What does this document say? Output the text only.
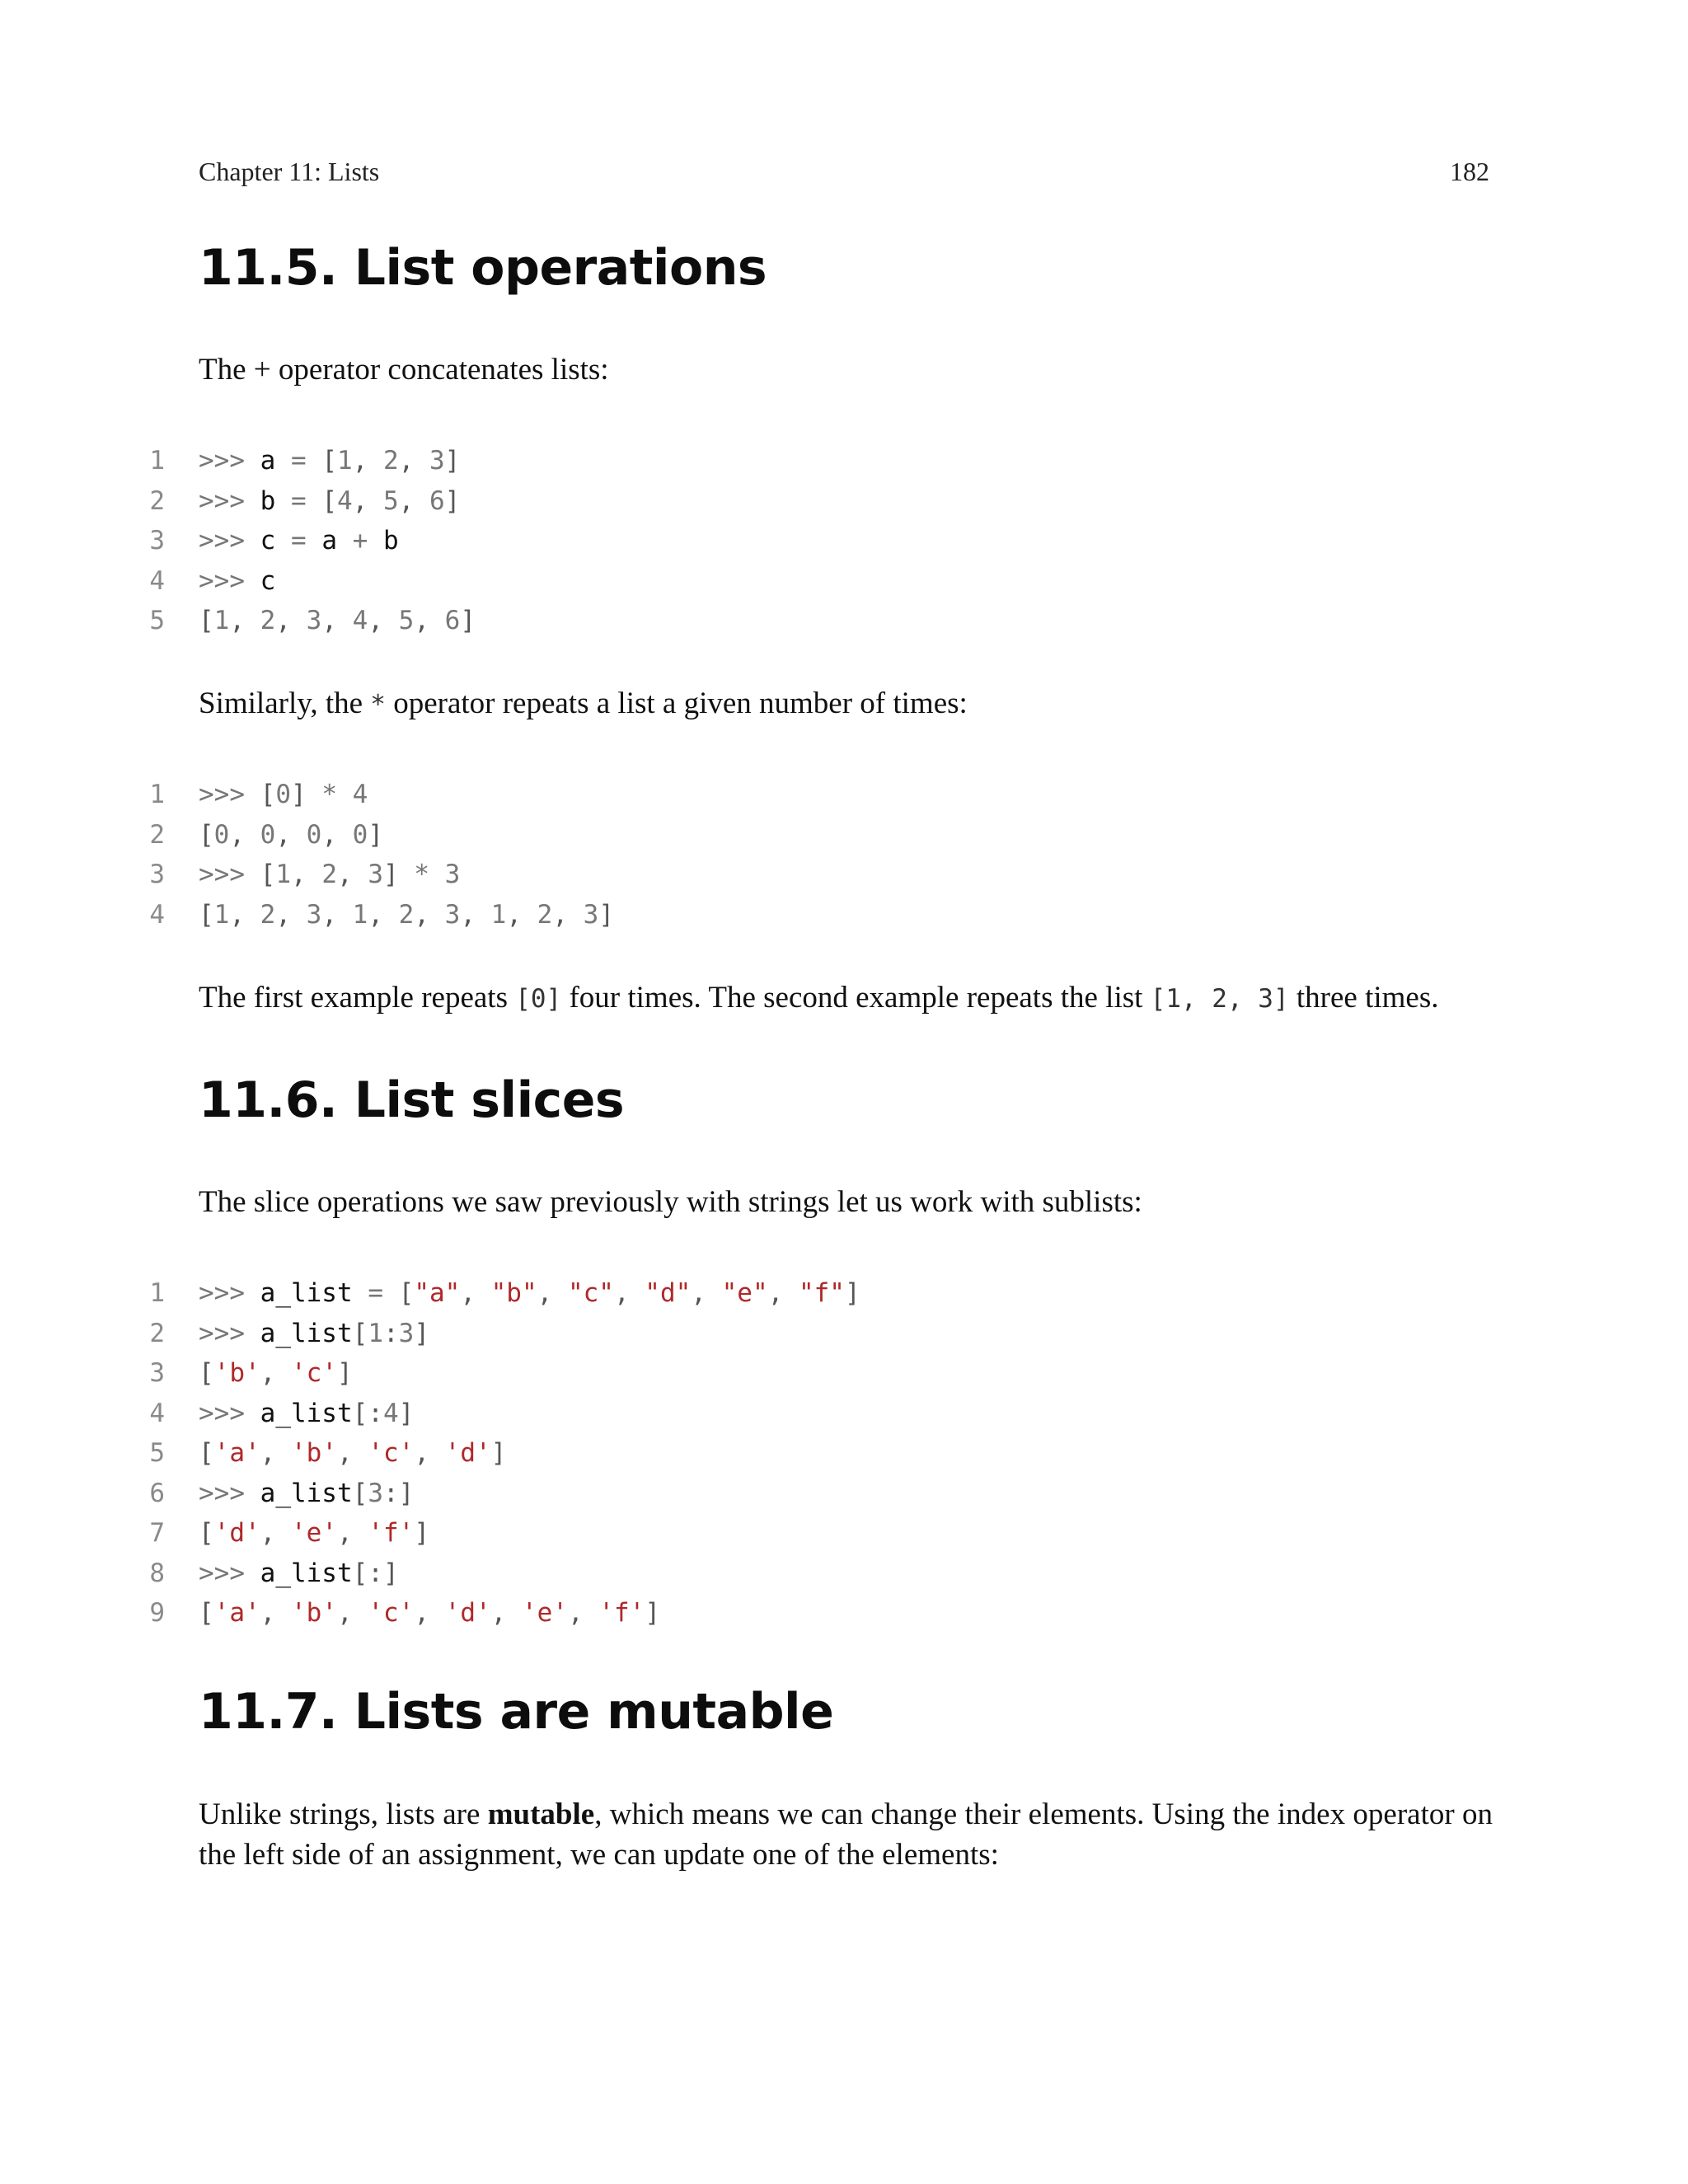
Chapter 11: Lists	182
11.5. List operations

The + operator concatenates lists:

1 >>> a = [1, 2, 3]
2 >>> b = [4, 5, 6]
3 >>> c = a + b
4 >>> c
5 [1, 2, 3, 4, 5, 6]

Similarly, the * operator repeats a list a given number of times:

1 >>> [0] * 4
2 [0, 0, 0, 0]
3 >>> [1, 2, 3] * 3
4 [1, 2, 3, 1, 2, 3, 1, 2, 3]

The first example repeats [0] four times. The second example repeats the list [1, 2, 3] three times.

11.6. List slices

The slice operations we saw previously with strings let us work with sublists:

1 >>> a_list = ["a", "b", "c", "d", "e", "f"]
2 >>> a_list[1:3]
3 ['b', 'c']
4 >>> a_list[:4]
5 ['a', 'b', 'c', 'd']
6 >>> a_list[3:]
7 ['d', 'e', 'f']
8 >>> a_list[:]
9 ['a', 'b', 'c', 'd', 'e', 'f']
11.7. Lists are mutable

Unlike strings, lists are mutable, which means we can change their elements. Using the index operator on the left side of an assignment, we can update one of the elements:
